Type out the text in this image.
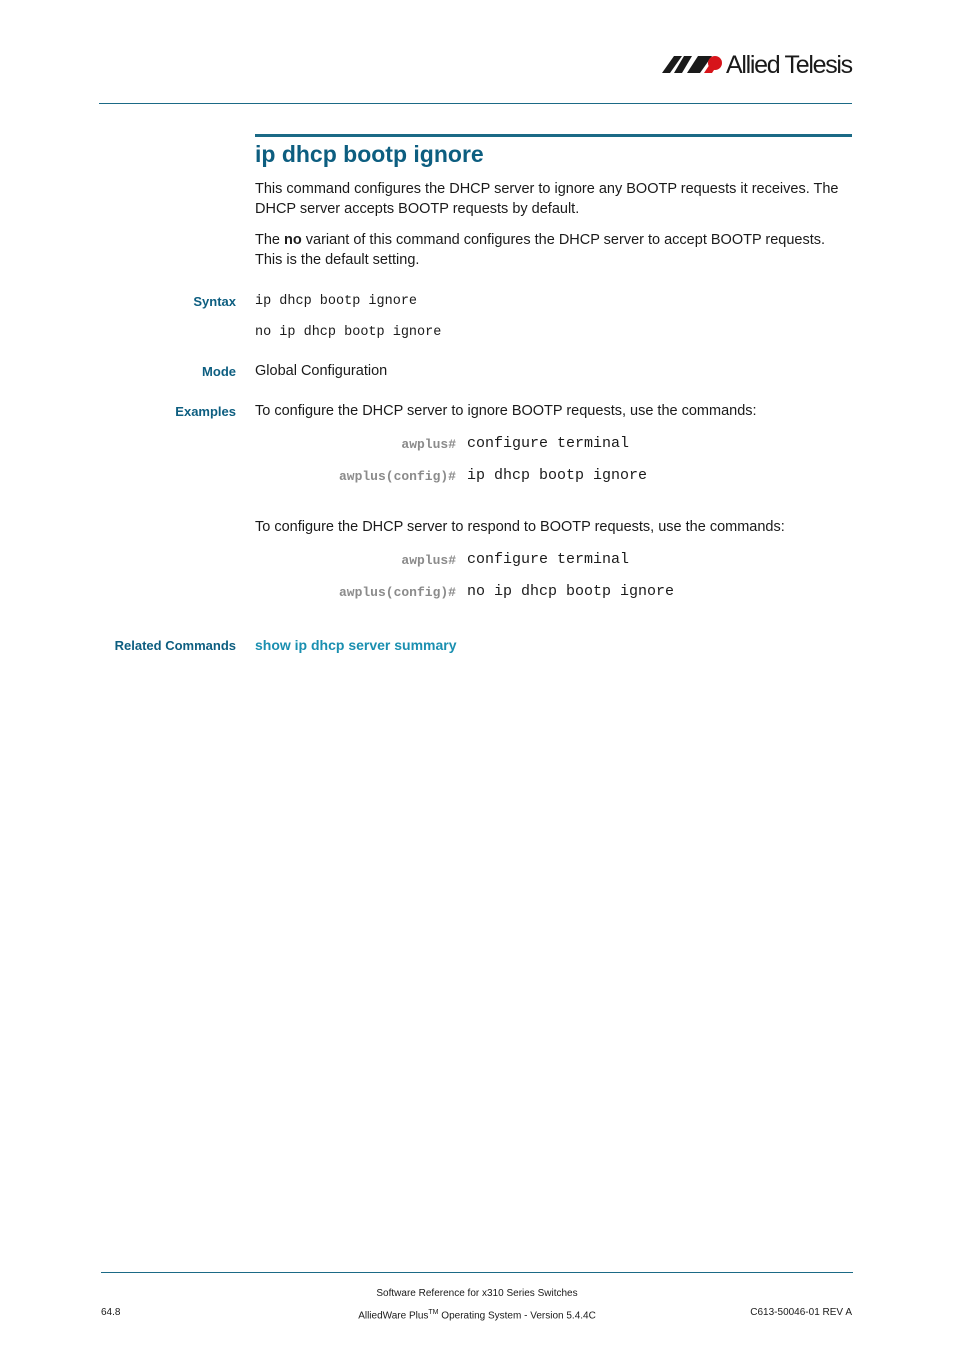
Allied Telesis
ip dhcp bootp ignore
This command configures the DHCP server to ignore any BOOTP requests it receives. The DHCP server accepts BOOTP requests by default.
The no variant of this command configures the DHCP server to accept BOOTP requests. This is the default setting.
Syntax ip dhcp bootp ignore
no ip dhcp bootp ignore
Mode Global Configuration
Examples To configure the DHCP server to ignore BOOTP requests, use the commands:
awplus# configure terminal
awplus(config)# ip dhcp bootp ignore
To configure the DHCP server to respond to BOOTP requests, use the commands:
awplus# configure terminal
awplus(config)# no ip dhcp bootp ignore
Related Commands show ip dhcp server summary
Software Reference for x310 Series Switches
AlliedWare Plus™ Operating System - Version 5.4.4C
64.8	C613-50046-01 REV A
